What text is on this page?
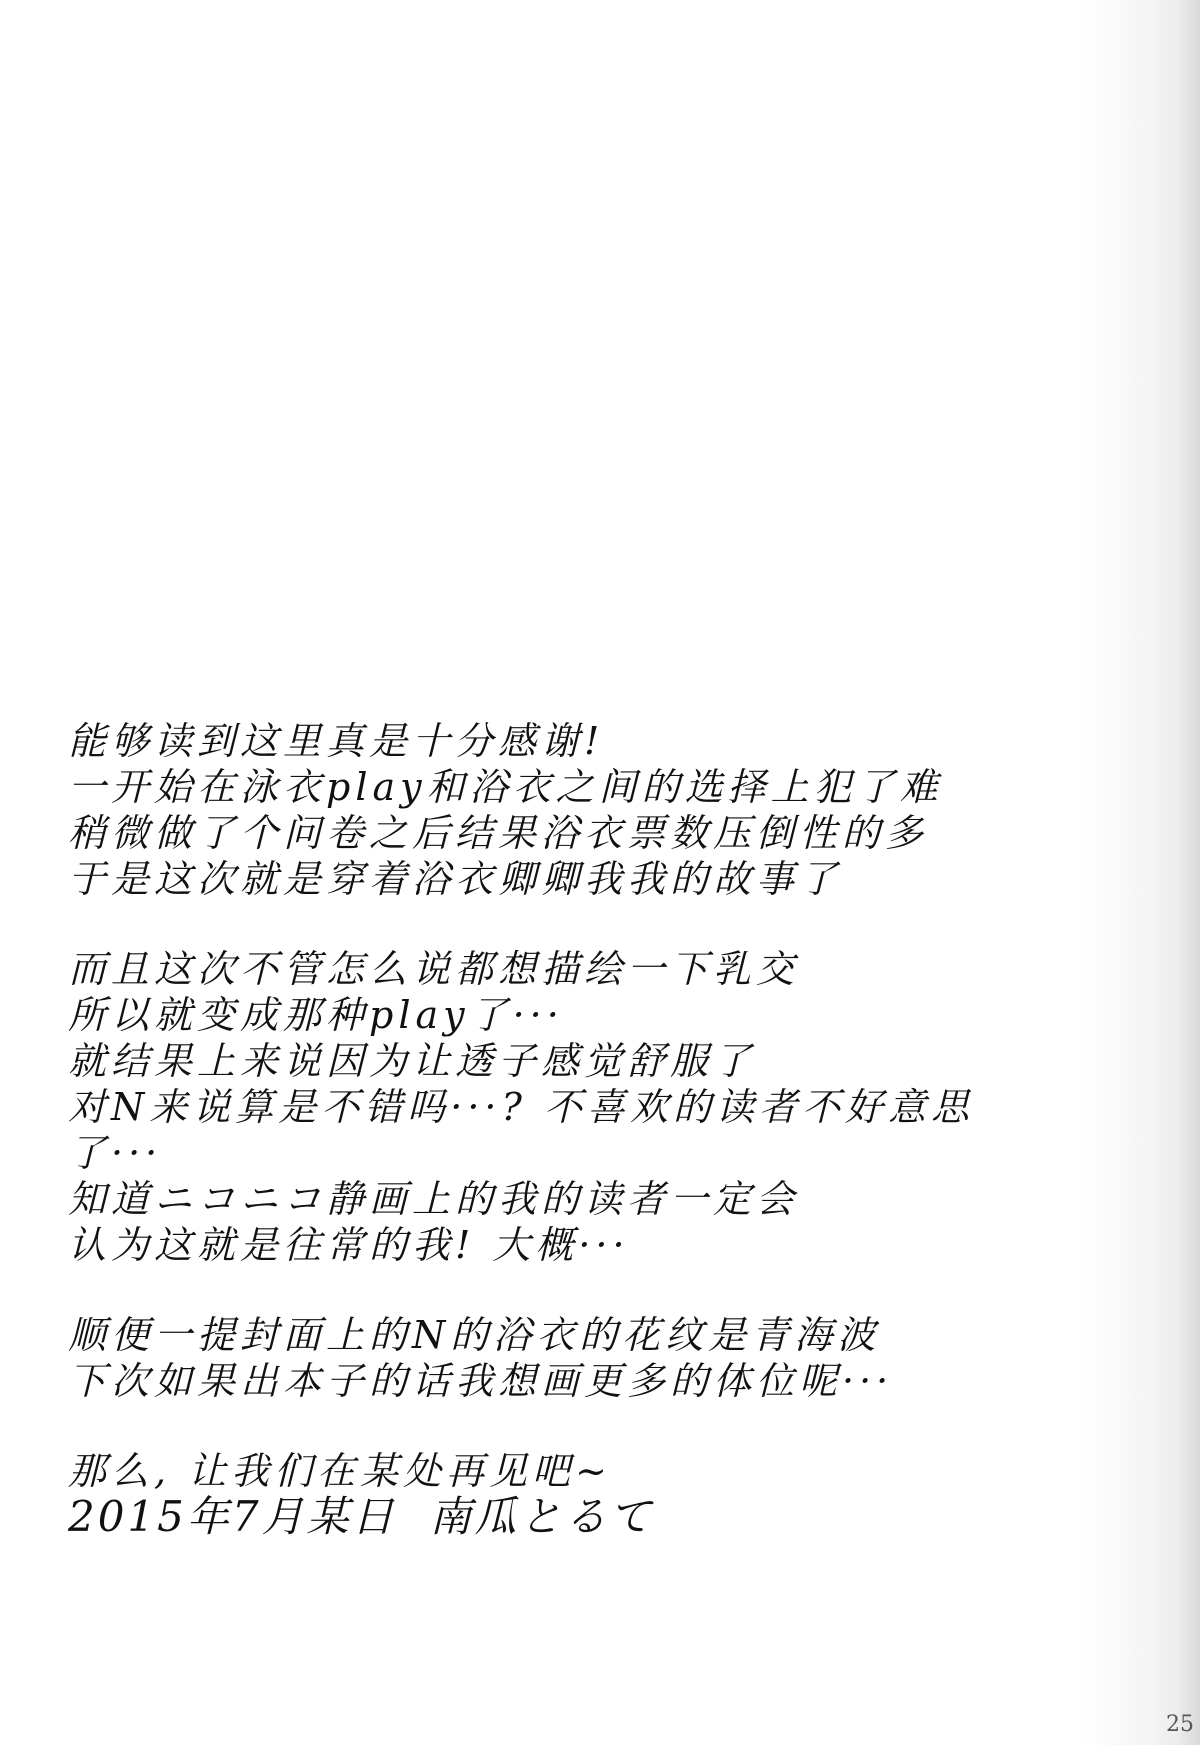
能够读到这里真是十分感谢!
一开始在泳衣play和浴衣之间的选择上犯了难
稍微做了个问卷之后结果浴衣票数压倒性的多
于是这次就是穿着浴衣卿卿我我的故事了
而且这次不管怎么说都想描绘一下乳交
所以就变成那种play了···
就结果上来说因为让透子感觉舒服了
对N来说算是不错吗···? 不喜欢的读者不好意思
了···
知道ニコニコ静画上的我的读者一定会
认为这就是往常的我! 大概···
顺便一提封面上的N的浴衣的花纹是青海波
下次如果出本子的话我想画更多的体位呢···
那么, 让我们在某处再见吧~
2015年7月某日 南瓜とるて
25
